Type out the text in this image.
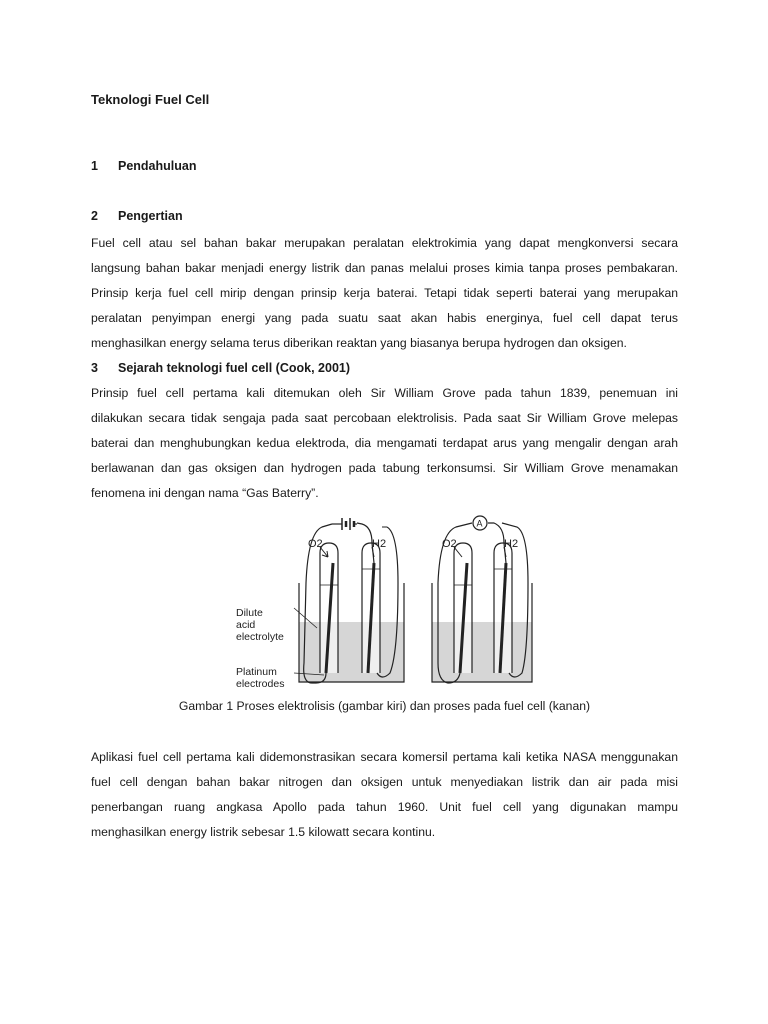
Teknologi Fuel Cell
1 Pendahuluan
2 Pengertian
Fuel cell atau sel bahan bakar merupakan peralatan elektrokimia yang dapat mengkonversi secara
langsung bahan bakar menjadi energy listrik dan panas melalui proses kimia tanpa proses pembakaran.
Prinsip kerja fuel cell mirip dengan prinsip kerja baterai. Tetapi tidak seperti baterai yang merupakan
peralatan penyimpan energi yang pada suatu saat akan habis energinya, fuel cell dapat terus
menghasilkan energy selama terus diberikan reaktan yang biasanya berupa hydrogen dan oksigen.
3 Sejarah teknologi fuel cell (Cook, 2001)
Prinsip fuel cell pertama kali ditemukan oleh Sir William Grove pada tahun 1839, penemuan ini
dilakukan secara tidak sengaja pada saat percobaan elektrolisis. Pada saat Sir William Grove melepas
baterai dan menghubungkan kedua elektroda, dia mengamati terdapat arus yang mengalir dengan arah
berlawanan dan gas oksigen dan hydrogen pada tabung terkonsumsi. Sir William Grove menamakan
fenomena ini dengan nama “Gas Baterry”.
O2	H2
Dilute
acid
electrolyte
Platinum
electrodes
A
O2	H2
Gambar 1 Proses elektrolisis (gambar kiri) dan proses pada fuel cell (kanan)
Aplikasi fuel cell pertama kali didemonstrasikan secara komersil pertama kali ketika NASA menggunakan
fuel cell dengan bahan bakar nitrogen dan oksigen untuk menyediakan listrik dan air pada misi
penerbangan ruang angkasa Apollo pada tahun 1960. Unit fuel cell yang digunakan mampu
menghasilkan energy listrik sebesar 1.5 kilowatt secara kontinu.
